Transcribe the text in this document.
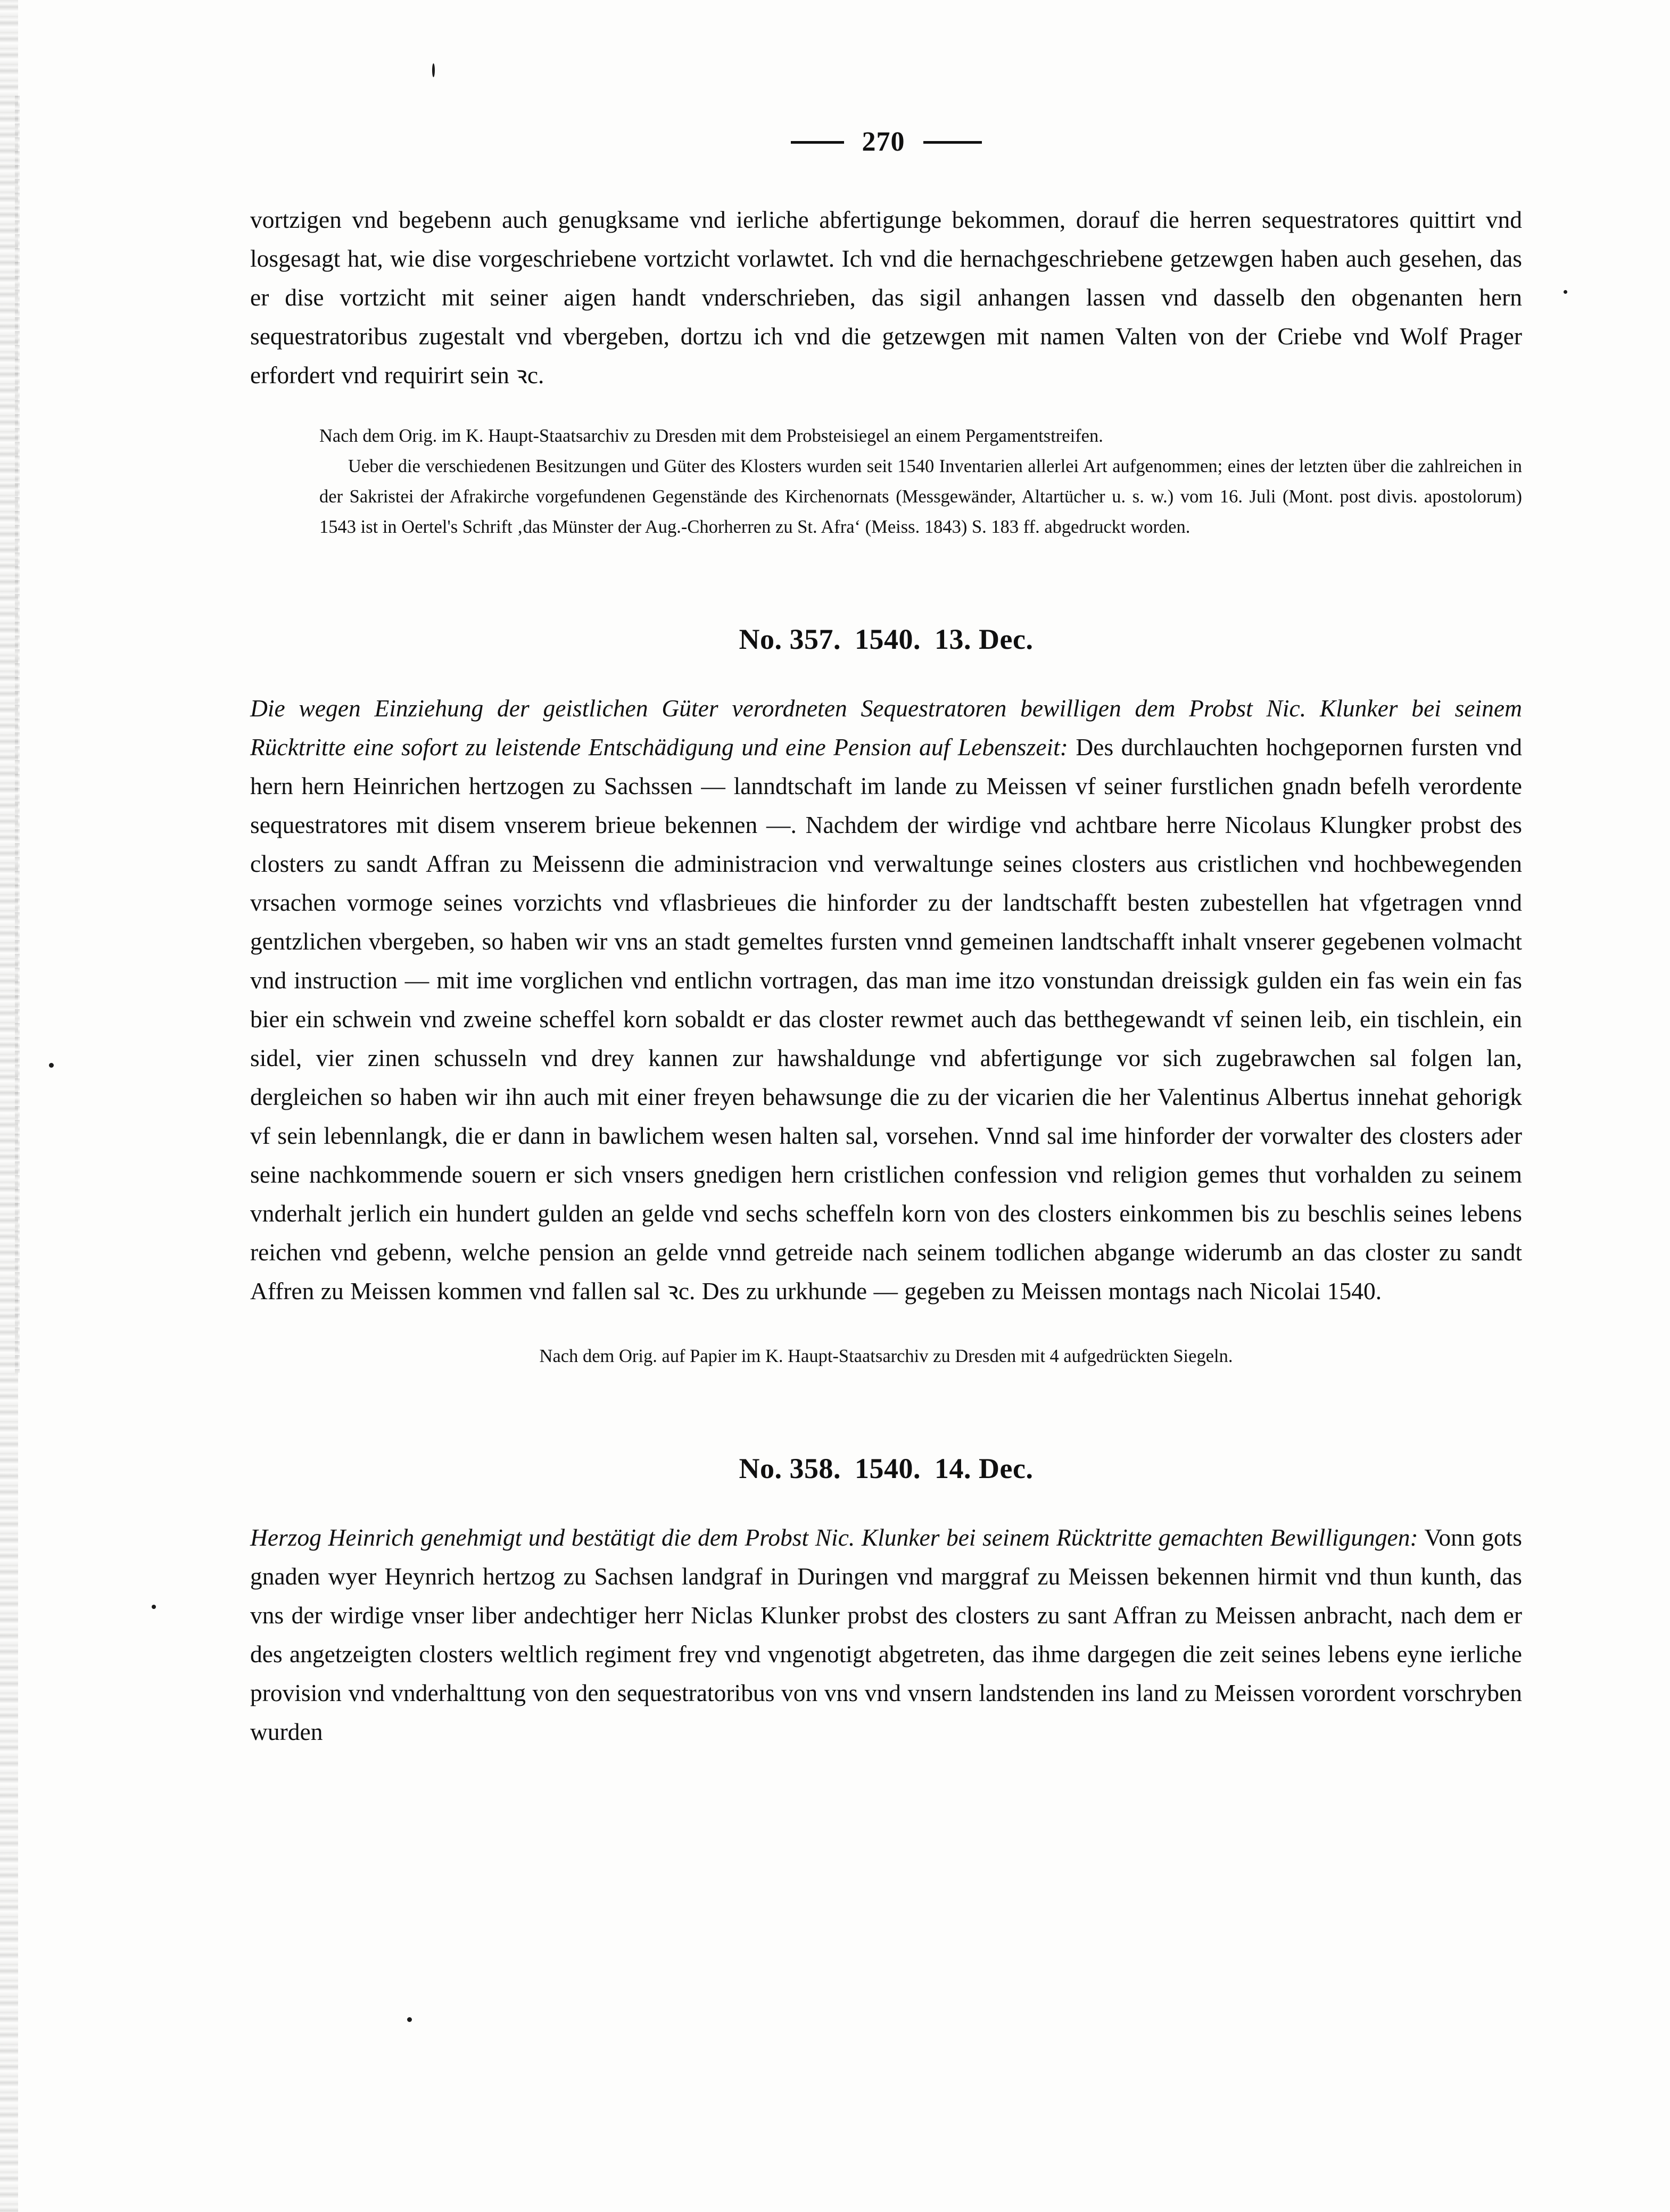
270

vortzigen vnd begebenn auch genugksame vnd ierliche abfertigunge bekommen, dorauf die herren sequestratores quittirt vnd losgesagt hat, wie dise vorgeschriebene vortzicht vorlawtet. Ich vnd die hernachgeschriebene getzewgen haben auch gesehen, das er dise vortzicht mit seiner aigen handt vnderschrieben, das sigil anhangen lassen vnd dasselb den obgenanten hern sequestratoribus zugestalt vnd vbergeben, dortzu ich vnd die getzewgen mit namen Valten von der Criebe vnd Wolf Prager erfordert vnd requirirt sein ꝛc.

Nach dem Orig. im K. Haupt-Staatsarchiv zu Dresden mit dem Probsteisiegel an einem Pergamentstreifen.

Ueber die verschiedenen Besitzungen und Güter des Klosters wurden seit 1540 Inventarien allerlei Art aufgenommen; eines der letzten über die zahlreichen in der Sakristei der Afrakirche vorgefundenen Gegenstände des Kirchenornats (Messgewänder, Altartücher u. s. w.) vom 16. Juli (Mont. post divis. apostolorum) 1543 ist in Oertel's Schrift ‚das Münster der Aug.-Chorherren zu St. Afra‘ (Meiss. 1843) S. 183 ff. abgedruckt worden.

No. 357. 1540. 13. Dec.

Die wegen Einziehung der geistlichen Güter verordneten Sequestratoren bewilligen dem Probst Nic. Klunker bei seinem Rücktritte eine sofort zu leistende Entschädigung und eine Pension auf Lebenszeit: Des durchlauchten hochgepornen fursten vnd hern hern Heinrichen hertzogen zu Sachssen — lanndtschaft im lande zu Meissen vf seiner furstlichen gnadn befelh verordente sequestratores mit disem vnserem brieue bekennen —. Nachdem der wirdige vnd achtbare herre Nicolaus Klungker probst des closters zu sandt Affran zu Meissenn die administracion vnd verwaltunge seines closters aus cristlichen vnd hochbewegenden vrsachen vormoge seines vorzichts vnd vflasbrieues die hinforder zu der landtschafft besten zubestellen hat vfgetragen vnnd gentzlichen vbergeben, so haben wir vns an stadt gemeltes fursten vnnd gemeinen landtschafft inhalt vnserer gegebenen volmacht vnd instruction — mit ime vorglichen vnd entlichn vortragen, das man ime itzo vonstundan dreissigk gulden ein fas wein ein fas bier ein schwein vnd zweine scheffel korn sobaldt er das closter rewmet auch das betthegewandt vf seinen leib, ein tischlein, ein sidel, vier zinen schusseln vnd drey kannen zur hawshaldunge vnd abfertigunge vor sich zugebrawchen sal folgen lan, dergleichen so haben wir ihn auch mit einer freyen behawsunge die zu der vicarien die her Valentinus Albertus innehat gehorigk vf sein lebennlangk, die er dann in bawlichem wesen halten sal, vorsehen. Vnnd sal ime hinforder der vorwalter des closters ader seine nachkommende souern er sich vnsers gnedigen hern cristlichen confession vnd religion gemes thut vorhalden zu seinem vnderhalt jerlich ein hundert gulden an gelde vnd sechs scheffeln korn von des closters einkommen bis zu beschlis seines lebens reichen vnd gebenn, welche pension an gelde vnnd getreide nach seinem todlichen abgange widerumb an das closter zu sandt Affren zu Meissen kommen vnd fallen sal ꝛc. Des zu urkhunde — gegeben zu Meissen montags nach Nicolai 1540.

Nach dem Orig. auf Papier im K. Haupt-Staatsarchiv zu Dresden mit 4 aufgedrückten Siegeln.

No. 358. 1540. 14. Dec.

Herzog Heinrich genehmigt und bestätigt die dem Probst Nic. Klunker bei seinem Rücktritte gemachten Bewilligungen: Vonn gots gnaden wyer Heynrich hertzog zu Sachsen landgraf in Duringen vnd marggraf zu Meissen bekennen hirmit vnd thun kunth, das vns der wirdige vnser liber andechtiger herr Niclas Klunker probst des closters zu sant Affran zu Meissen anbracht, nach dem er des angetzeigten closters weltlich regiment frey vnd vngenotigt abgetreten, das ihme dargegen die zeit seines lebens eyne ierliche provision vnd vnderhalttung von den sequestratoribus von vns vnd vnsern landstenden ins land zu Meissen vorordent vorschryben wurden
